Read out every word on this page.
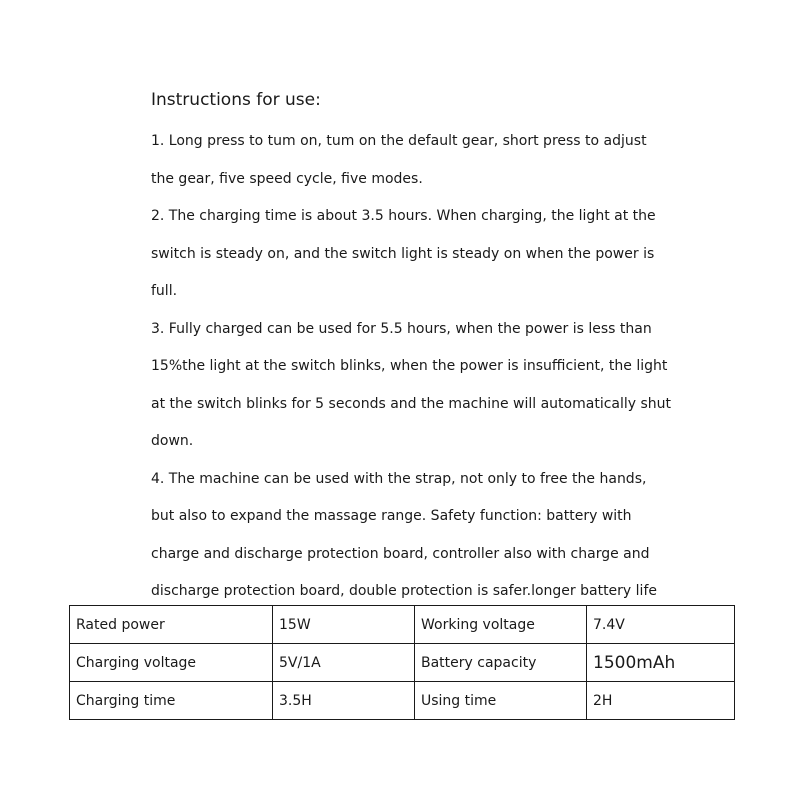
Instructions for use:

1. Long press to tum on, tum on the default gear, short press to adjust

the gear, five speed cycle, five modes.

2. The charging time is about 3.5 hours. When charging, the light at the

switch is steady on, and the switch light is steady on when the power is

full.

3. Fully charged can be used for 5.5 hours, when the power is less than

15%the light at the switch blinks, when the power is insufficient, the light

at the switch blinks for 5 seconds and the machine will automatically shut

down.

4. The machine can be used with the strap, not only to free the hands,

but also to expand the massage range. Safety function: battery with

charge and discharge protection board, controller also with charge and

discharge protection board, double protection is safer.longer battery life

Rated power	15W	Working voltage	7.4V
Charging voltage	5V/1A	Battery capacity	1500mAh
Charging time	3.5H	Using time	2H
